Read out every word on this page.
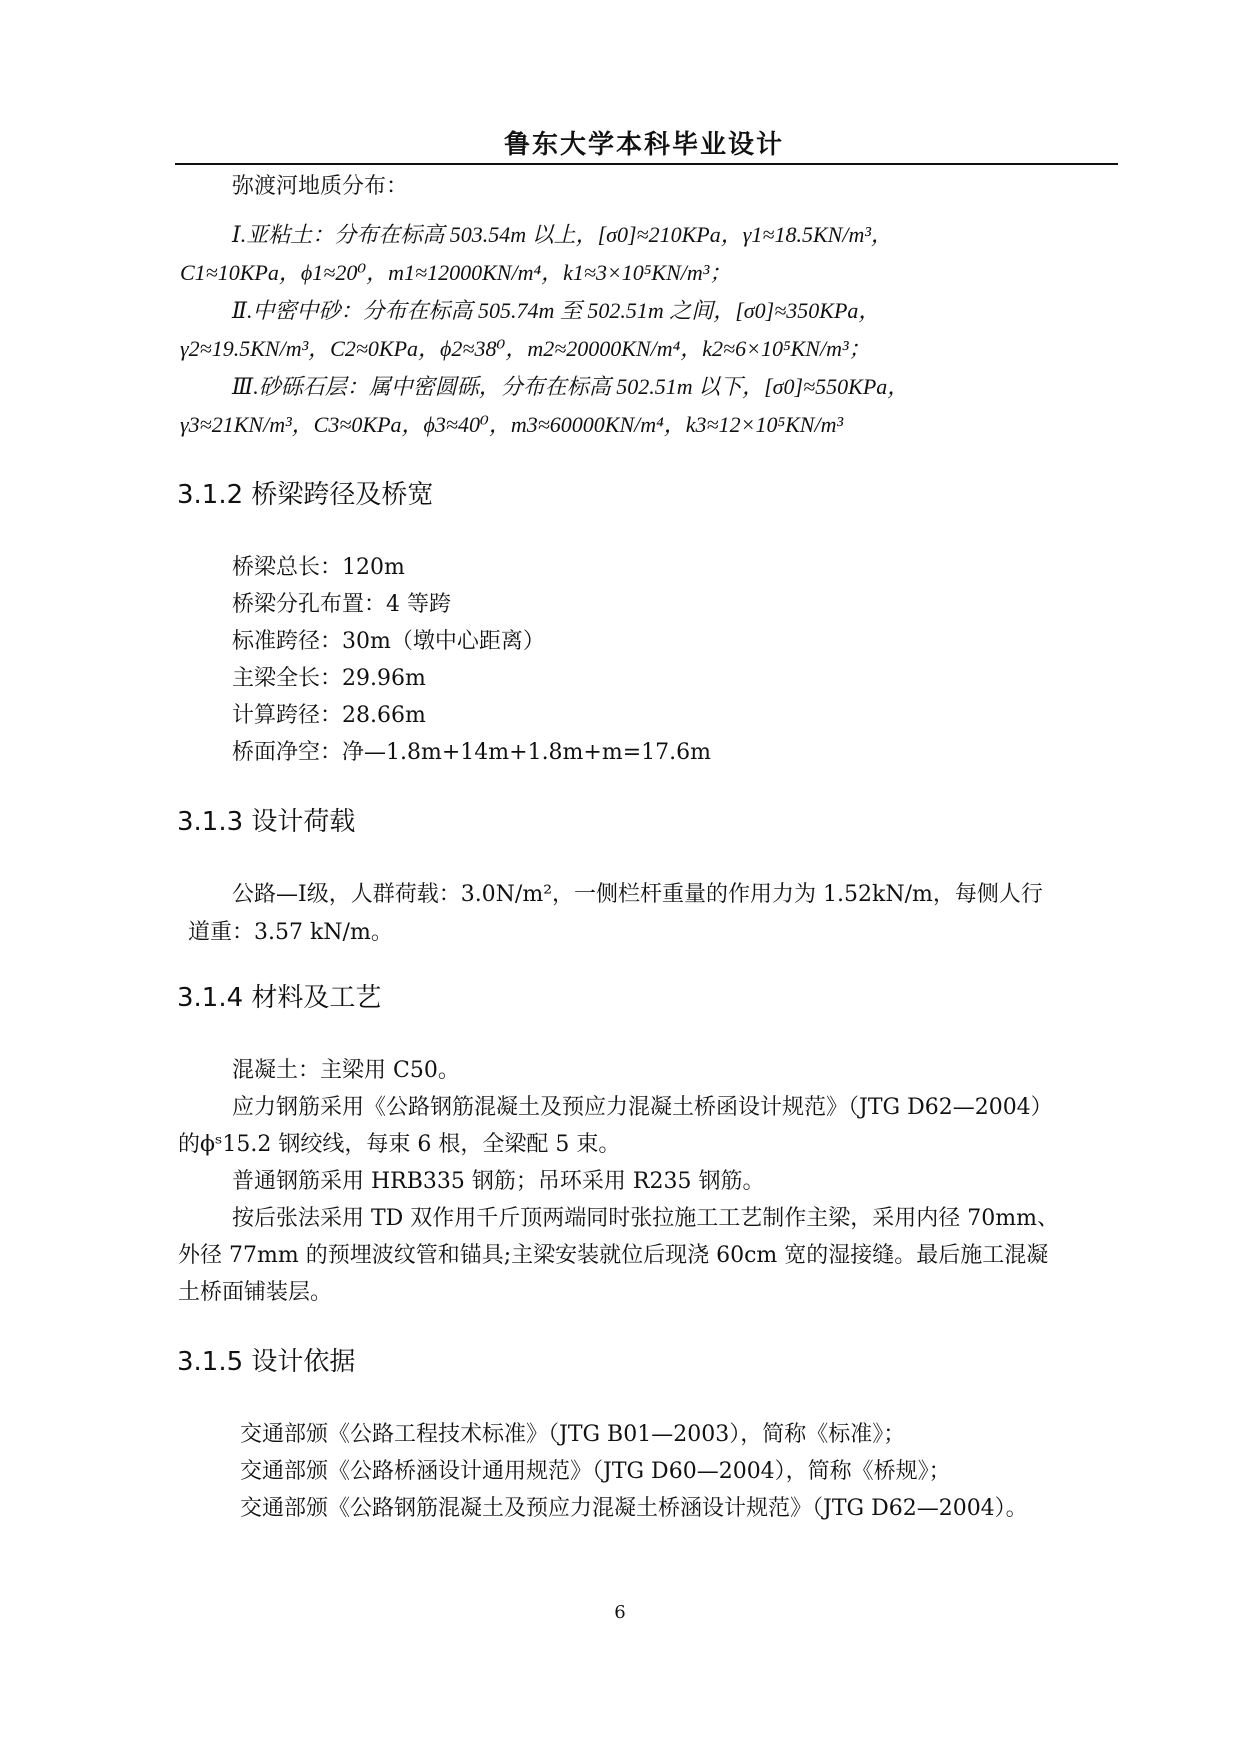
鲁东大学本科毕业设计
弥渡河地质分布：
Ⅰ.亚粘土：分布在标高 503.54m 以上，[σ0]≈210KPa，γ1≈18.5KN/m³，
C1≈10KPa，ϕ1≈20⁰，m1≈12000KN/m⁴，k1≈3×10⁵KN/m³；
Ⅱ.中密中砂：分布在标高 505.74m 至 502.51m 之间，[σ0]≈350KPa，
γ2≈19.5KN/m³，C2≈0KPa，ϕ2≈38⁰，m2≈20000KN/m⁴，k2≈6×10⁵KN/m³；
Ⅲ.砂砾石层：属中密圆砾，分布在标高 502.51m 以下，[σ0]≈550KPa，
γ3≈21KN/m³，C3≈0KPa，ϕ3≈40⁰，m3≈60000KN/m⁴，k3≈12×10⁵KN/m³
3.1.2 桥梁跨径及桥宽
桥梁总长：120m
桥梁分孔布置：4 等跨
标准跨径：30m（墩中心距离）
主梁全长：29.96m
计算跨径：28.66m
桥面净空：净—1.8m+14m+1.8m+m=17.6m
3.1.3 设计荷载
公路—Ⅰ级，人群荷载：3.0N/m²，一侧栏杆重量的作用力为 1.52kN/m，每侧人行
道重：3.57 kN/m。
3.1.4 材料及工艺
混凝土：主梁用 C50。
应力钢筋采用《公路钢筋混凝土及预应力混凝土桥函设计规范》（JTG D62—2004）
的ϕˢ15.2 钢绞线，每束 6 根，全梁配 5 束。
普通钢筋采用 HRB335 钢筋；吊环采用 R235 钢筋。
按后张法采用 TD 双作用千斤顶两端同时张拉施工工艺制作主梁，采用内径 70mm、
外径 77mm 的预埋波纹管和锚具;主梁安装就位后现浇 60cm 宽的湿接缝。最后施工混凝
土桥面铺装层。
3.1.5 设计依据
交通部颁《公路工程技术标准》（JTG B01—2003），简称《标准》；
交通部颁《公路桥涵设计通用规范》（JTG D60—2004），简称《桥规》；
交通部颁《公路钢筋混凝土及预应力混凝土桥涵设计规范》（JTG D62—2004）。
6
